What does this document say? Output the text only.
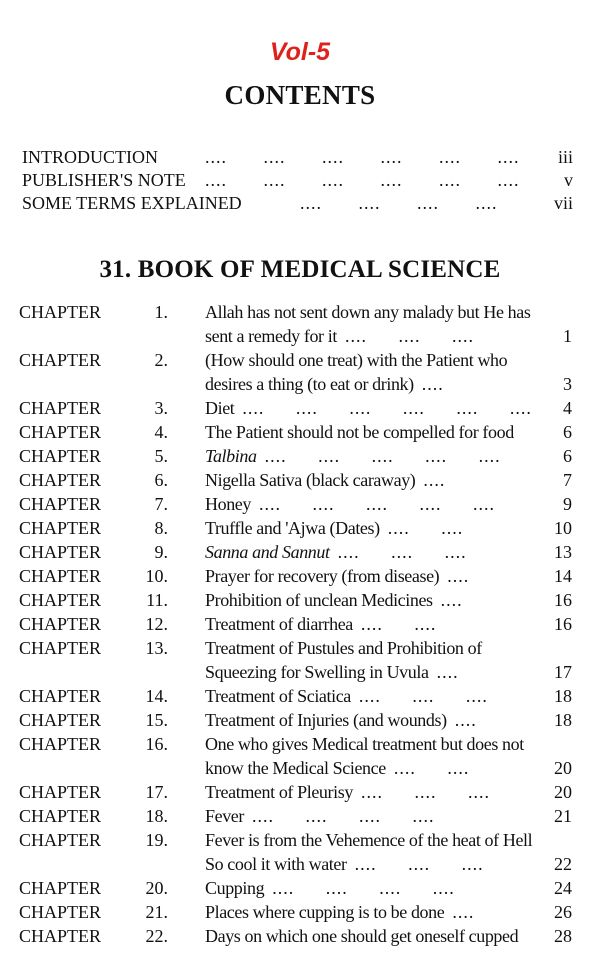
Vol-5
CONTENTS
INTRODUCTION	.... .... .... .... .... .... iii
PUBLISHER'S NOTE .... .... .... .... .... .... v
SOME TERMS EXPLAINED	.... .... .... ....	vii
31. BOOK OF MEDICAL SCIENCE
CHAPTER	1. Allah has not sent down any malady but He has
sent a remedy for it .... .... ....	1
CHAPTER	2. (How should one treat) with the Patient who
desires a thing (to eat or drink) ....	3
CHAPTER	3. Diet .... .... .... .... .... .... 4
CHAPTER	4. The Patient should not be compelled for food	6
CHAPTER	5. Talbina .... .... .... .... ....	6
CHAPTER	6. Nigella Sativa (black caraway) ....	7
CHAPTER	7. Honey .... .... .... .... ....	9
CHAPTER	8. Truffle and 'Ajwa (Dates) .... ....	10
CHAPTER	9. Sanna and Sannut .... .... ....	13
CHAPTER	10. Prayer for recovery (from disease) ....	14
CHAPTER	11. Prohibition of unclean Medicines ....	16
CHAPTER	12. Treatment of diarrhea .... ....	16
CHAPTER	13. Treatment of Pustules and Prohibition of
Squeezing for Swelling in Uvula ....	17
CHAPTER	14. Treatment of Sciatica .... .... ....	18
CHAPTER	15. Treatment of Injuries (and wounds) ....	18
CHAPTER	16. One who gives Medical treatment but does not
know the Medical Science .... ....	20
CHAPTER	17. Treatment of Pleurisy .... .... ....	20
CHAPTER	18. Fever .... .... .... ....	21
CHAPTER	19. Fever is from the Vehemence of the heat of Hell
So cool it with water .... .... ....	22
CHAPTER	20. Cupping .... .... .... ....	24
CHAPTER	21. Places where cupping is to be done ....	26
CHAPTER	22. Days on which one should get oneself cupped 28
